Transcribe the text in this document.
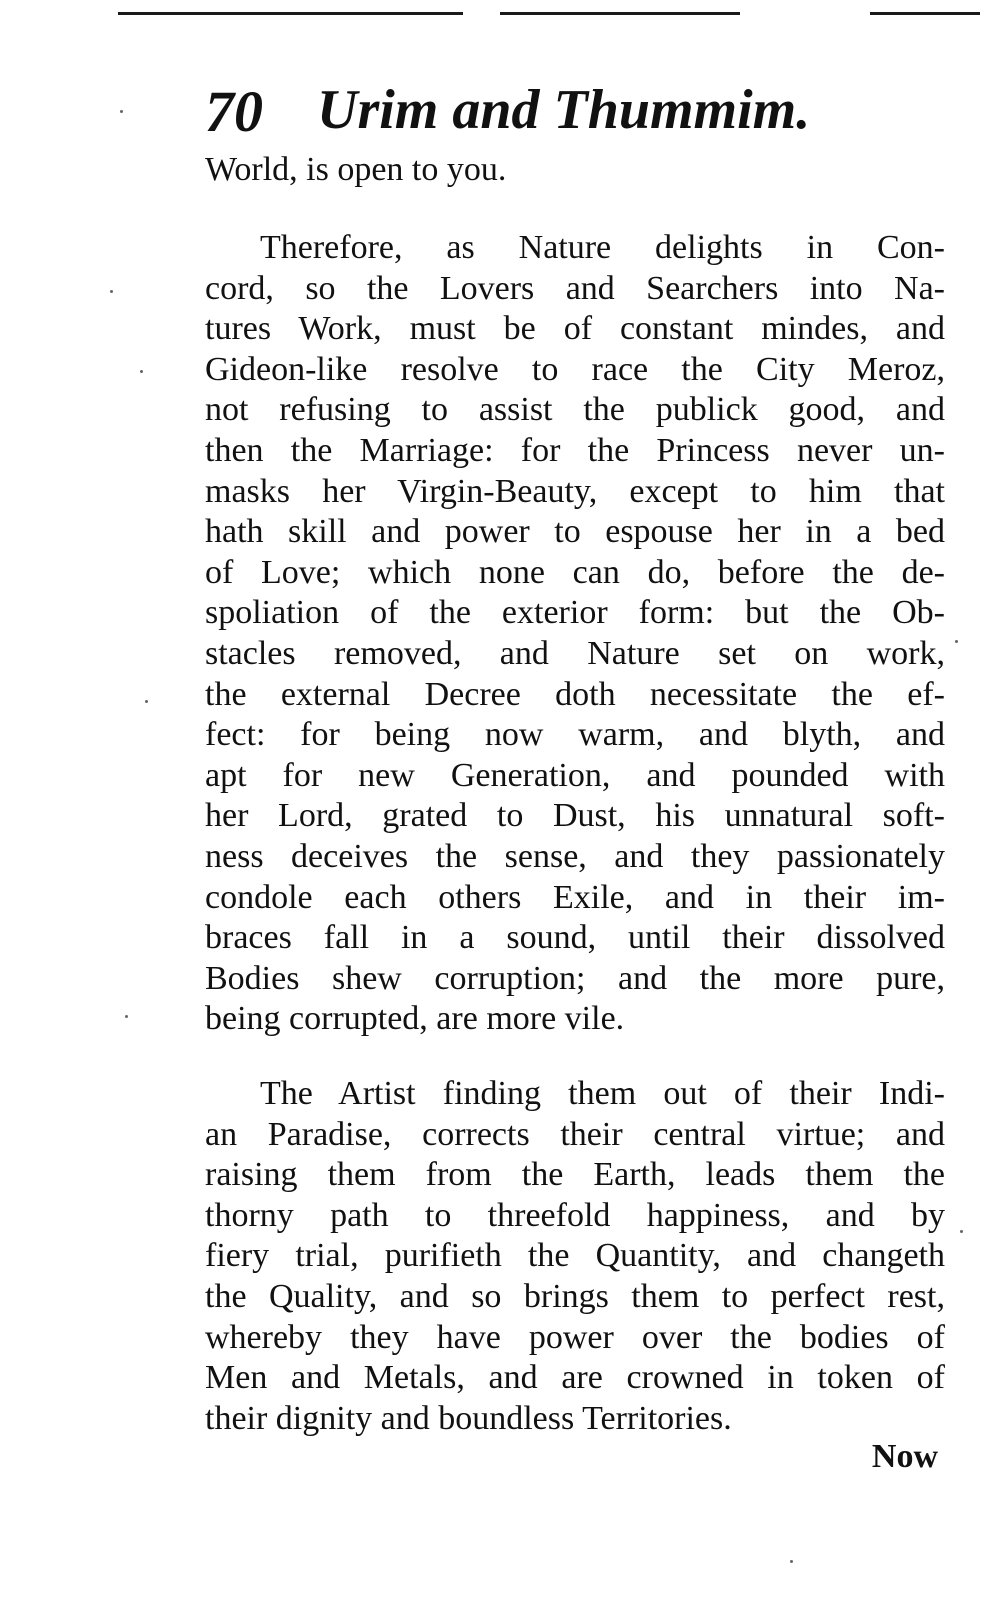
70 Urim and Thummim.
World, is open to you.
Therefore, as Nature delights in Con-
cord, so the Lovers and Searchers into Na-
tures Work, must be of constant mindes, and
Gideon-like resolve to race the City Meroz,
not refusing to assist the publick good, and
then the Marriage: for the Princess never un-
masks her Virgin-Beauty, except to him that
hath skill and power to espouse her in a bed
of Love; which none can do, before the de-
spoliation of the exterior form: but the Ob-
stacles removed, and Nature set on work,
the external Decree doth necessitate the ef-
fect: for being now warm, and blyth, and
apt for new Generation, and pounded with
her Lord, grated to Dust, his unnatural soft-
ness deceives the sense, and they passionately
condole each others Exile, and in their im-
braces fall in a sound, until their dissolved
Bodies shew corruption; and the more pure,
being corrupted, are more vile.
The Artist finding them out of their Indi-
an Paradise, corrects their central virtue; and
raising them from the Earth, leads them the
thorny path to threefold happiness, and by
fiery trial, purifieth the Quantity, and changeth
the Quality, and so brings them to perfect rest,
whereby they have power over the bodies of
Men and Metals, and are crowned in token of
their dignity and boundless Territories.
Now
